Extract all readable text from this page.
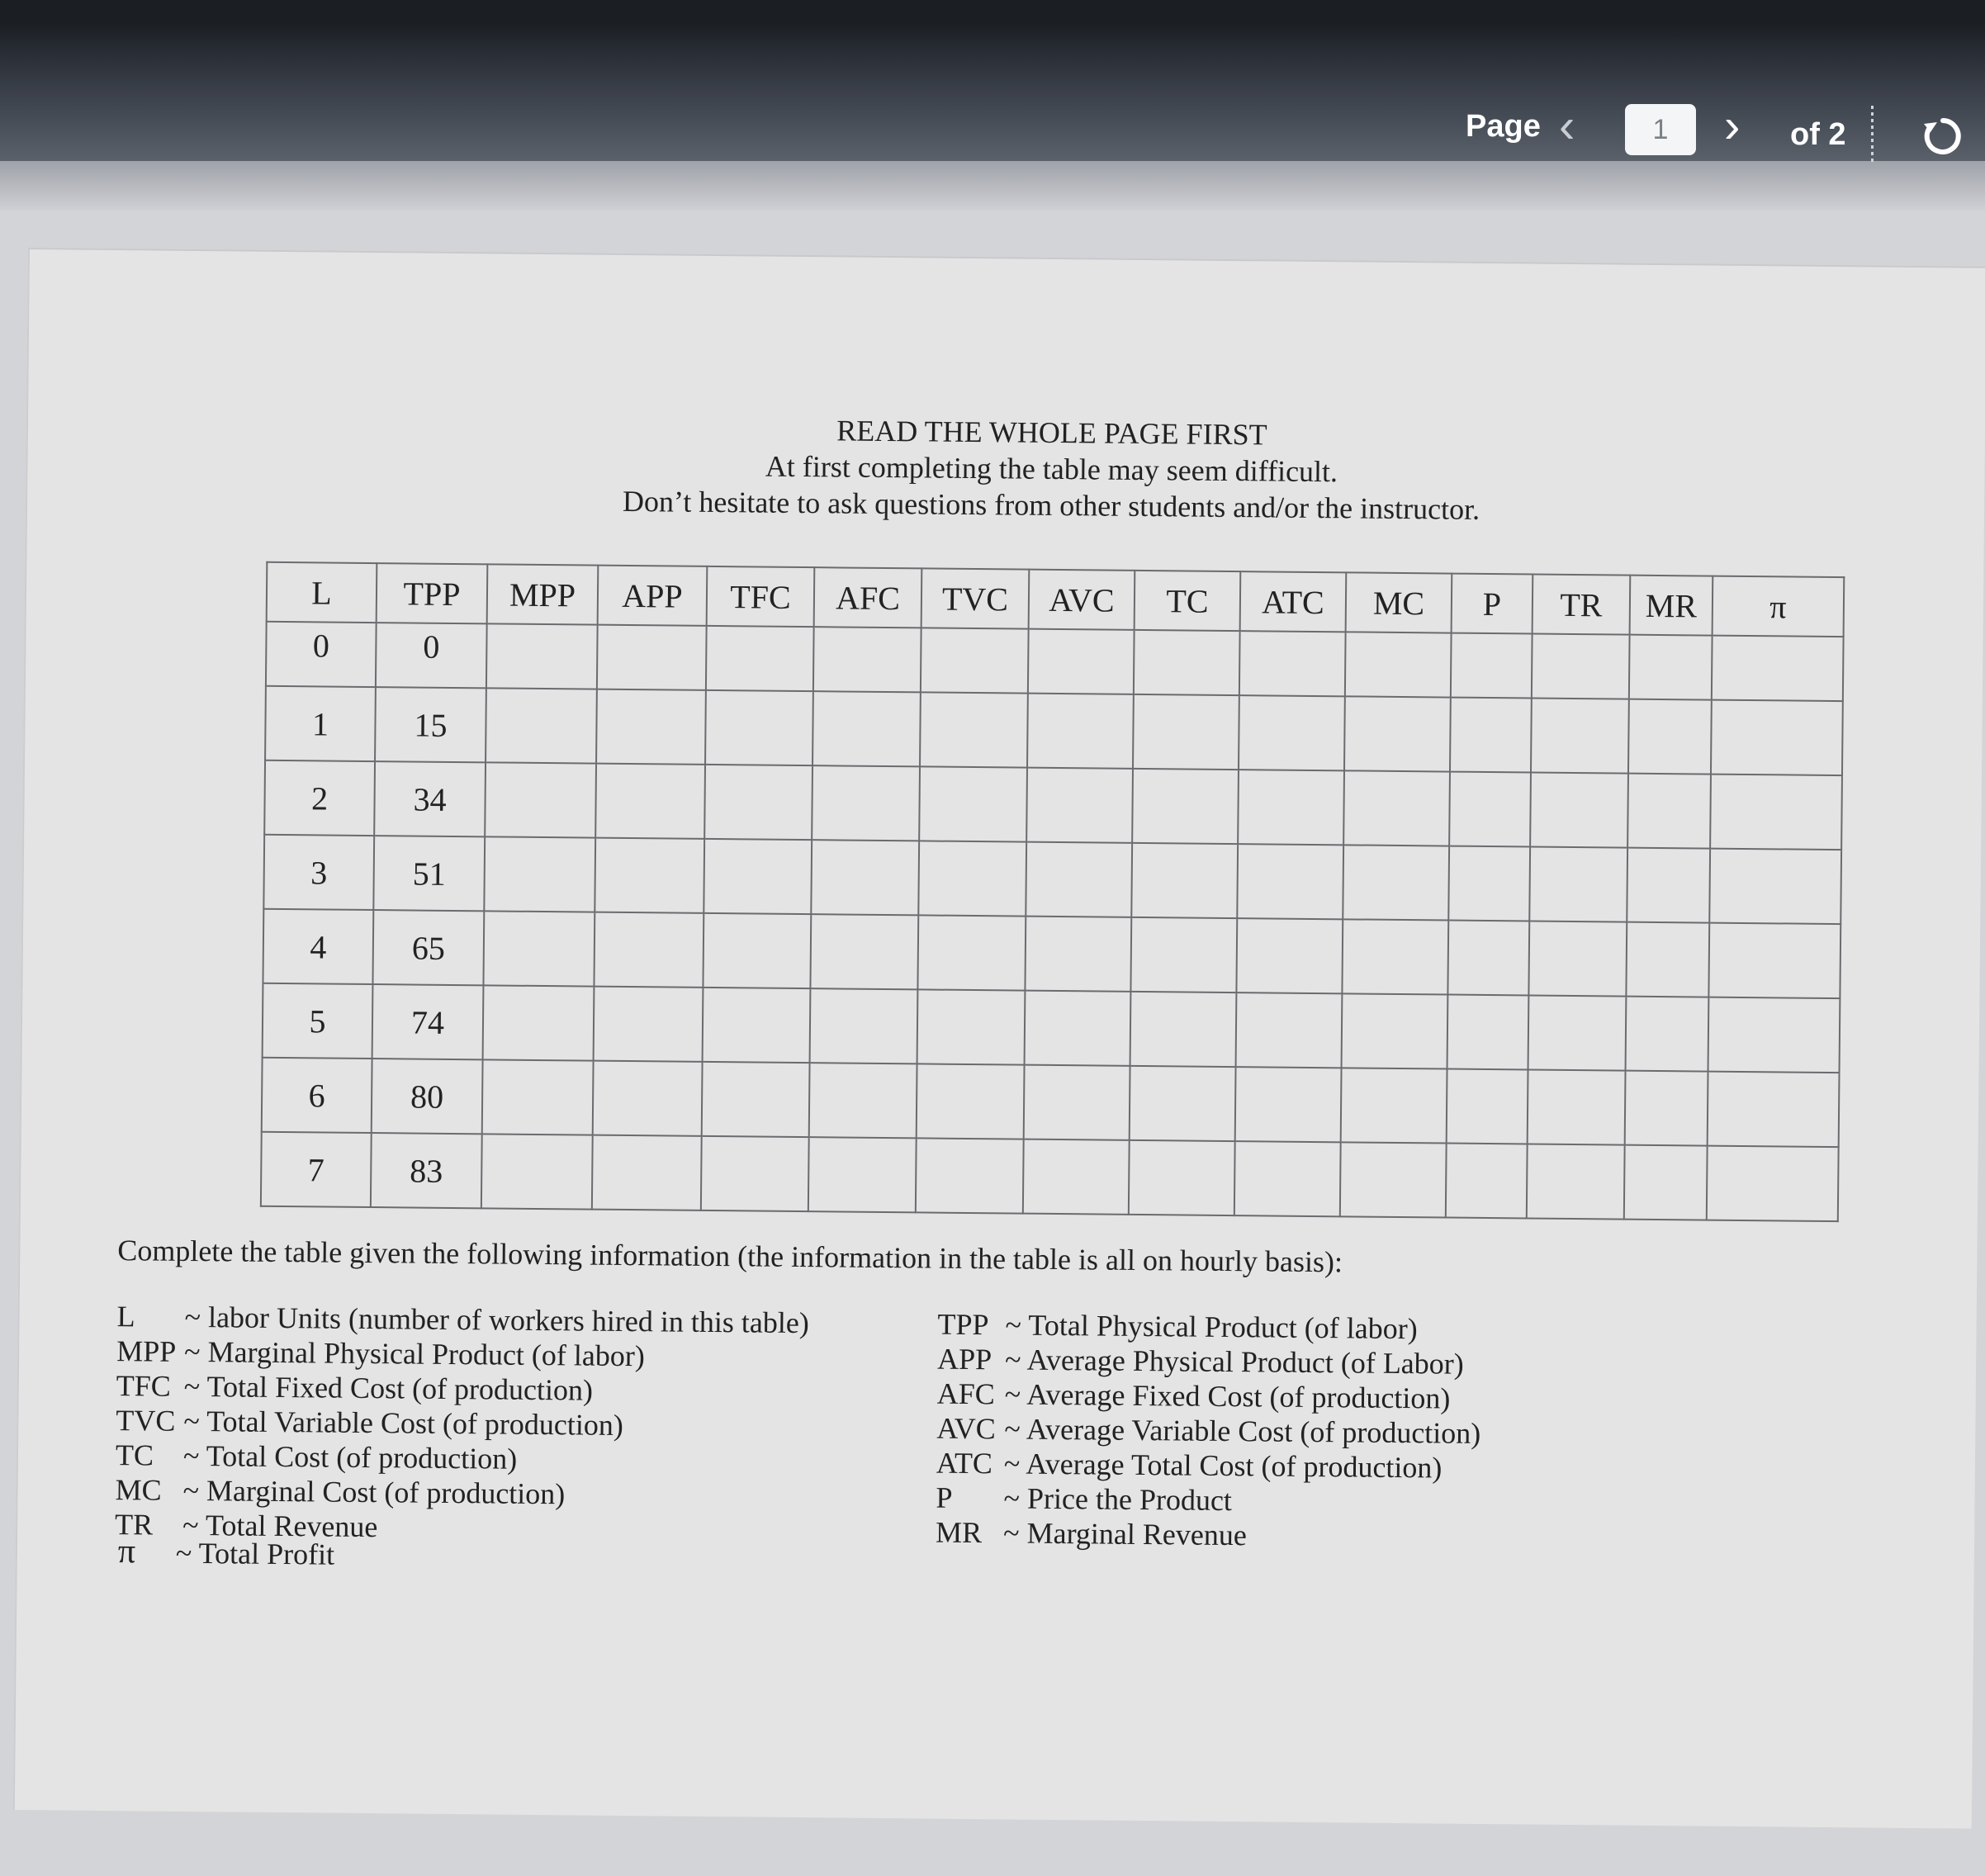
Page ‹	1	› of 2
READ THE WHOLE PAGE FIRST
At first completing the table may seem difficult.
Don’t hesitate to ask questions from other students and/or the instructor.
L	TPP	MPP	APP	TFC	AFC	TVC	AVC	TC	ATC	MC	P	TR	MR	π
0	0													
1	15													
2	34													
3	51													
4	65													
5	74													
6	80													
7	83													
Complete the table given the following information (the information in the table is all on hourly basis):
L ~ labor Units (number of workers hired in this table)
MPP ~ Marginal Physical Product (of labor)
TFC ~ Total Fixed Cost (of production)
TVC ~ Total Variable Cost (of production)
TC ~ Total Cost (of production)
MC ~ Marginal Cost (of production)
TR ~ Total Revenue
TPP ~ Total Physical Product (of labor)
APP ~ Average Physical Product (of Labor)
AFC ~ Average Fixed Cost (of production)
AVC ~ Average Variable Cost (of production)
ATC ~ Average Total Cost (of production)
P ~ Price the Product
MR ~ Marginal Revenue
π ~ Total Profit
